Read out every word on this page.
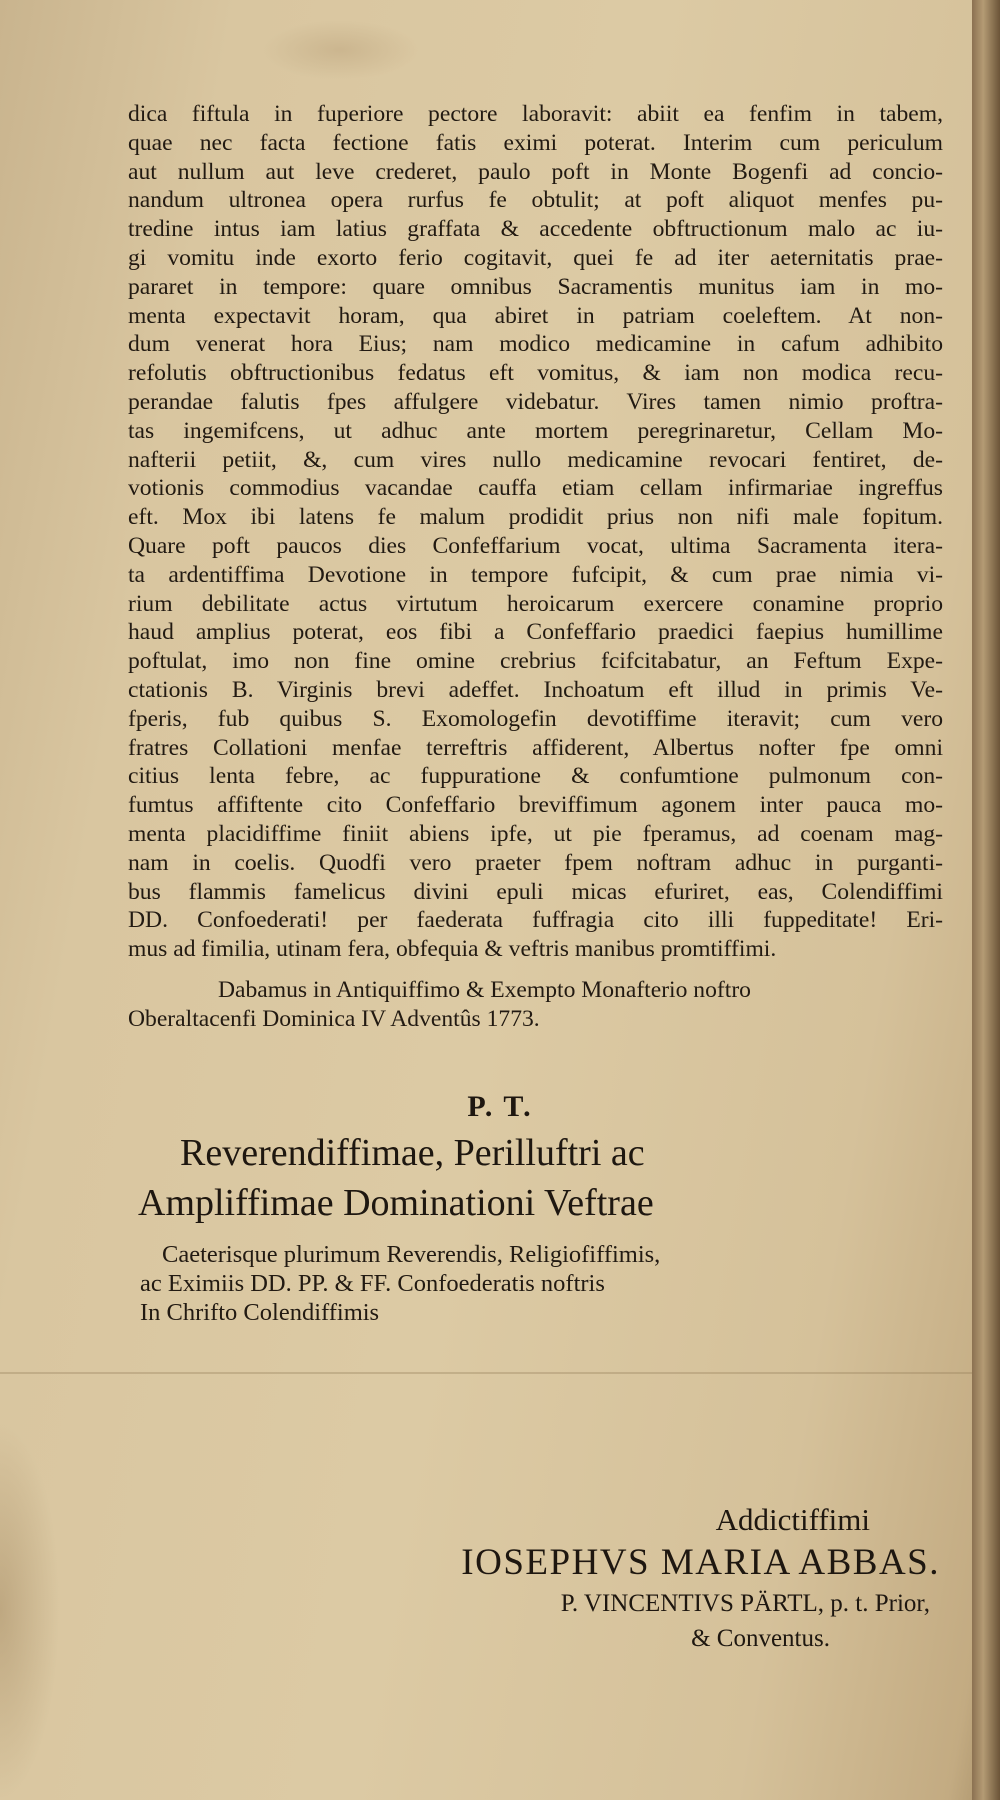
dica fiftula in fuperiore pectore laboravit: abiit ea fenfim in tabem,
quae nec facta fectione fatis eximi poterat. Interim cum periculum
aut nullum aut leve crederet, paulo poft in Monte Bogenfi ad concio-
nandum ultronea opera rurfus fe obtulit; at poft aliquot menfes pu-
tredine intus iam latius graffata & accedente obftructionum malo ac iu-
gi vomitu inde exorto ferio cogitavit, quei fe ad iter aeternitatis prae-
pararet in tempore: quare omnibus Sacramentis munitus iam in mo-
menta expectavit horam, qua abiret in patriam coeleftem. At non-
dum venerat hora Eius; nam modico medicamine in cafum adhibito
refolutis obftructionibus fedatus eft vomitus, & iam non modica recu-
perandae falutis fpes affulgere videbatur. Vires tamen nimio proftra-
tas ingemifcens, ut adhuc ante mortem peregrinaretur, Cellam Mo-
nafterii petiit, &, cum vires nullo medicamine revocari fentiret, de-
votionis commodius vacandae cauffa etiam cellam infirmariae ingreffus
eft. Mox ibi latens fe malum prodidit prius non nifi male fopitum.
Quare poft paucos dies Confeffarium vocat, ultima Sacramenta itera-
ta ardentiffima Devotione in tempore fufcipit, & cum prae nimia vi-
rium debilitate actus virtutum heroicarum exercere conamine proprio
haud amplius poterat, eos fibi a Confeffario praedici faepius humillime
poftulat, imo non fine omine crebrius fcifcitabatur, an Feftum Expe-
ctationis B. Virginis brevi adeffet. Inchoatum eft illud in primis Ve-
fperis, fub quibus S. Exomologefin devotiffime iteravit; cum vero
fratres Collationi menfae terreftris affiderent, Albertus nofter fpe omni
citius lenta febre, ac fuppuratione & confumtione pulmonum con-
fumtus affiftente cito Confeffario breviffimum agonem inter pauca mo-
menta placidiffime finiit abiens ipfe, ut pie fperamus, ad coenam mag-
nam in coelis. Quodfi vero praeter fpem noftram adhuc in purganti-
bus flammis famelicus divini epuli micas efuriret, eas, Colendiffimi
DD. Confoederati! per faederata fuffragia cito illi fuppeditate! Eri-
mus ad fimilia, utinam fera, obfequia & veftris manibus promtiffimi.
Dabamus in Antiquiffimo & Exempto Monafterio noftro
Oberaltacenfi Dominica IV Adventûs 1773.
P. T.
Reverendiffimae, Perilluftri ac
Ampliffimae Dominationi Veftrae
Caeterisque plurimum Reverendis, Religiofiffimis,
ac Eximiis DD. PP. & FF. Confoederatis noftris
In Chrifto Colendiffimis
Addictiffimi
IOSEPHVS MARIA ABBAS.
P. VINCENTIVS PÄRTL, p. t. Prior,
& Conventus.
